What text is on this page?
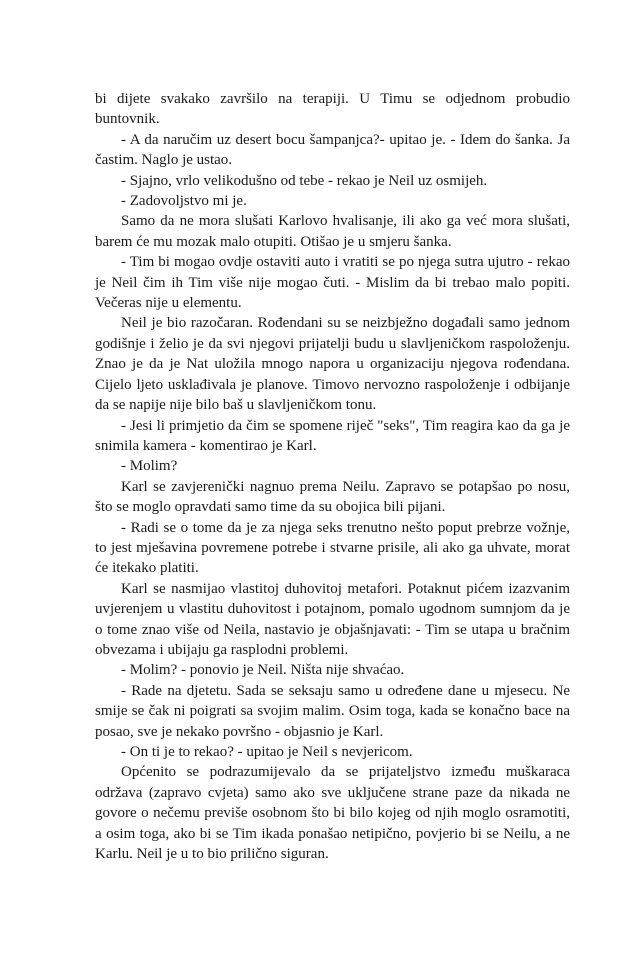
bi dijete svakako završilo na terapiji. U Timu se odjednom probudio buntovnik.

- A da naručim uz desert bocu šampanjca?- upitao je. - Idem do šanka. Ja častim. Naglo je ustao.

- Sjajno, vrlo velikodušno od tebe - rekao je Neil uz osmijeh.

- Zadovoljstvo mi je.

Samo da ne mora slušati Karlovo hvalisanje, ili ako ga već mora slušati, barem će mu mozak malo otupiti. Otišao je u smjeru šanka.

- Tim bi mogao ovdje ostaviti auto i vratiti se po njega sutra ujutro - rekao je Neil čim ih Tim više nije mogao čuti. - Mislim da bi trebao malo popiti. Večeras nije u elementu.

Neil je bio razočaran. Rođendani su se neizbježno događali samo jednom godišnje i želio je da svi njegovi prijatelji budu u slavljeničkom raspoloženju. Znao je da je Nat uložila mnogo napora u organizaciju njegova rođendana. Cijelo ljeto usklađivala je planove. Timovo nervozno raspoloženje i odbijanje da se napije nije bilo baš u slavljeničkom tonu.

- Jesi li primjetio da čim se spomene riječ "seks", Tim reagira kao da ga je snimila kamera - komentirao je Karl.

- Molim?

Karl se zavjerenički nagnuo prema Neilu. Zapravo se potapšao po nosu, što se moglo opravdati samo time da su obojica bili pijani.

- Radi se o tome da je za njega seks trenutno nešto poput prebrze vožnje, to jest mješavina povremene potrebe i stvarne prisile, ali ako ga uhvate, morat će itekako platiti.

Karl se nasmijao vlastitoj duhovitoj metafori. Potaknut pićem izazvanim uvjerenjem u vlastitu duhovitost i potajnom, pomalo ugodnom sumnjom da je o tome znao više od Neila, nastavio je objašnjavati: - Tim se utapa u bračnim obvezama i ubijaju ga rasplodni problemi.

- Molim? - ponovio je Neil. Ništa nije shvaćao.

- Rade na djetetu. Sada se seksaju samo u određene dane u mjesecu. Ne smije se čak ni poigrati sa svojim malim. Osim toga, kada se konačno bace na posao, sve je nekako površno - objasnio je Karl.

- On ti je to rekao? - upitao je Neil s nevjericom.

Općenito se podrazumijevalo da se prijateljstvo između muškaraca održava (zapravo cvjeta) samo ako sve uključene strane paze da nikada ne govore o nečemu previše osobnom što bi bilo kojeg od njih moglo osramotiti, a osim toga, ako bi se Tim ikada ponašao netipično, povjerio bi se Neilu, a ne Karlu. Neil je u to bio prilično siguran.
